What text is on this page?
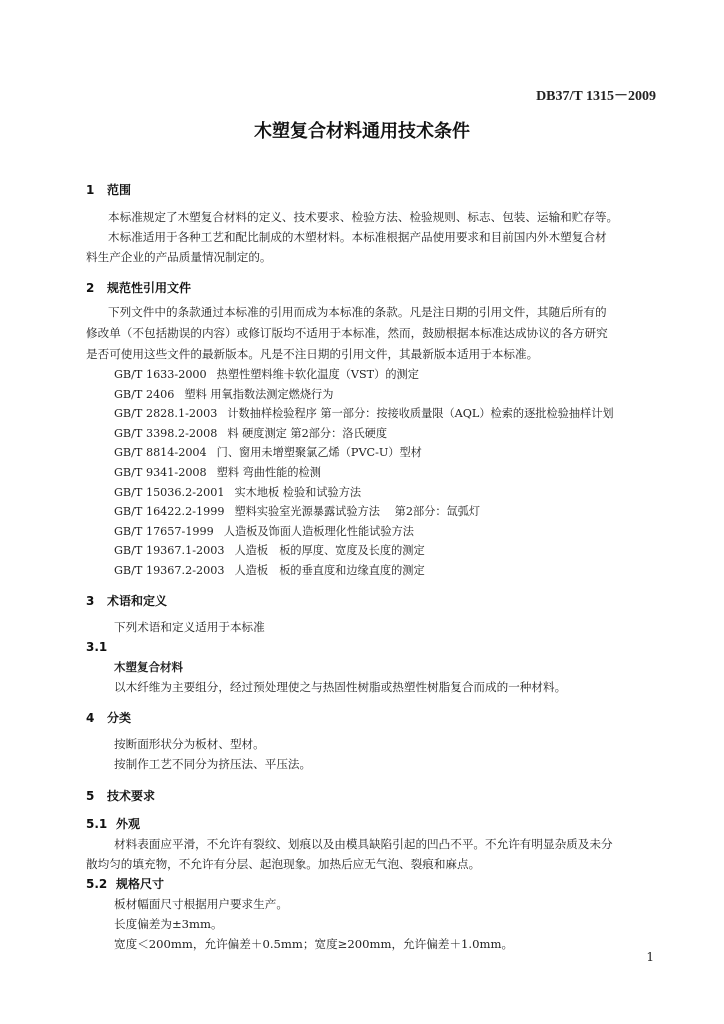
DB37/T 1315－2009
木塑复合材料通用技术条件
1 范围
本标准规定了木塑复合材料的定义、技术要求、检验方法、检验规则、标志、包装、运输和贮存等。
木标准适用于各种工艺和配比制成的木塑材料。本标准根据产品使用要求和目前国内外木塑复合材
料生产企业的产品质量情况制定的。
2 规范性引用文件
下列文件中的条款通过本标准的引用而成为本标准的条款。凡是注日期的引用文件，其随后所有的
修改单（不包括勘误的内容）或修订版均不适用于本标准，然而，鼓励根据本标准达成协议的各方研究
是否可使用这些文件的最新版本。凡是不注日期的引用文件，其最新版本适用于本标准。
GB/T 1633-2000 热塑性塑料维卡软化温度（VST）的测定
GB/T 2406 塑料 用氧指数法测定燃烧行为
GB/T 2828.1-2003 计数抽样检验程序 第一部分：按接收质量限（AQL）检索的逐批检验抽样计划
GB/T 3398.2-2008 料 硬度测定 第2部分：洛氏硬度
GB/T 8814-2004 门、窗用未增塑聚氯乙烯（PVC-U）型材
GB/T 9341-2008 塑料 弯曲性能的检测
GB/T 15036.2-2001 实木地板 检验和试验方法
GB/T 16422.2-1999 塑料实验室光源暴露试验方法　 第2部分：氙弧灯
GB/T 17657-1999 人造板及饰面人造板理化性能试验方法
GB/T 19367.1-2003 人造板　板的厚度、宽度及长度的测定
GB/T 19367.2-2003 人造板　板的垂直度和边缘直度的测定
3 术语和定义
下列术语和定义适用于本标准
3.1
木塑复合材料
以木纤维为主要组分，经过预处理使之与热固性树脂或热塑性树脂复合而成的一种材料。
4 分类
按断面形状分为板材、型材。
按制作工艺不同分为挤压法、平压法。
5 技术要求
5.1 外观
材料表面应平滑，不允许有裂纹、划痕以及由模具缺陷引起的凹凸不平。不允许有明显杂质及未分
散均匀的填充物，不允许有分层、起泡现象。加热后应无气泡、裂痕和麻点。
5.2 规格尺寸
板材幅面尺寸根据用户要求生产。
长度偏差为±3mm。
宽度＜200mm，允许偏差＋0.5mm；宽度≥200mm，允许偏差＋1.0mm。
1
